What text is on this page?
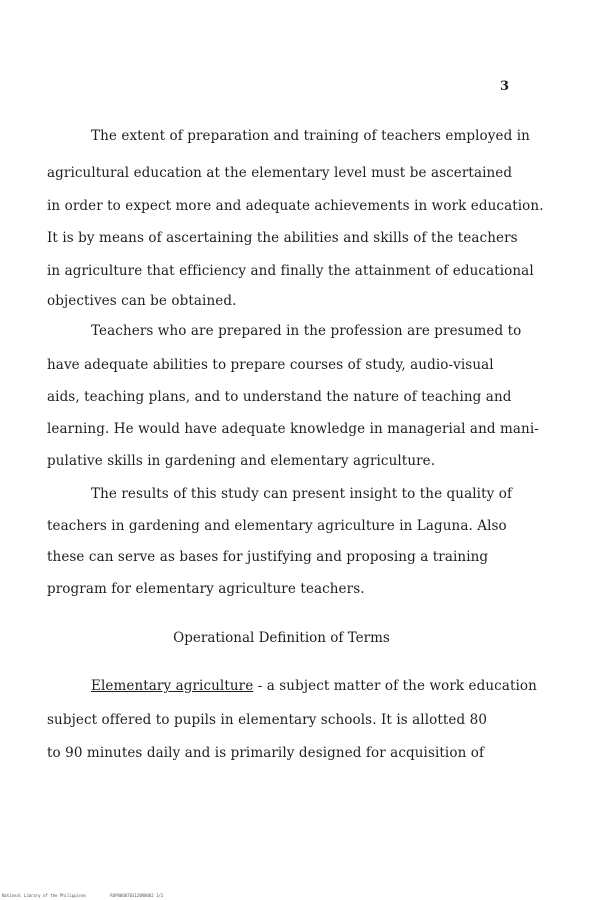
3
The extent of preparation and training of teachers employed in
agricultural education at the elementary level must be ascertained
in order to expect more and adequate achievements in work education.
It is by means of ascertaining the abilities and skills of the teachers
in agriculture that efficiency and finally the attainment of educational
objectives can be obtained.
Teachers who are prepared in the profession are presumed to
have adequate abilities to prepare courses of study, audio-visual
aids, teaching plans, and to understand the nature of teaching and
learning. He would have adequate knowledge in managerial and mani-
pulative skills in gardening and elementary agriculture.
The results of this study can present insight to the quality of
teachers in gardening and elementary agriculture in Laguna. Also
these can serve as bases for justifying and proposing a training
program for elementary agriculture teachers.
Operational Definition of Terms
Elementary agriculture - a subject matter of the work education
subject offered to pupils in elementary schools. It is allotted 80
to 90 minutes daily and is primarily designed for acquisition of
National Library of the Philippines	RUP0000703120R0002 1/2
